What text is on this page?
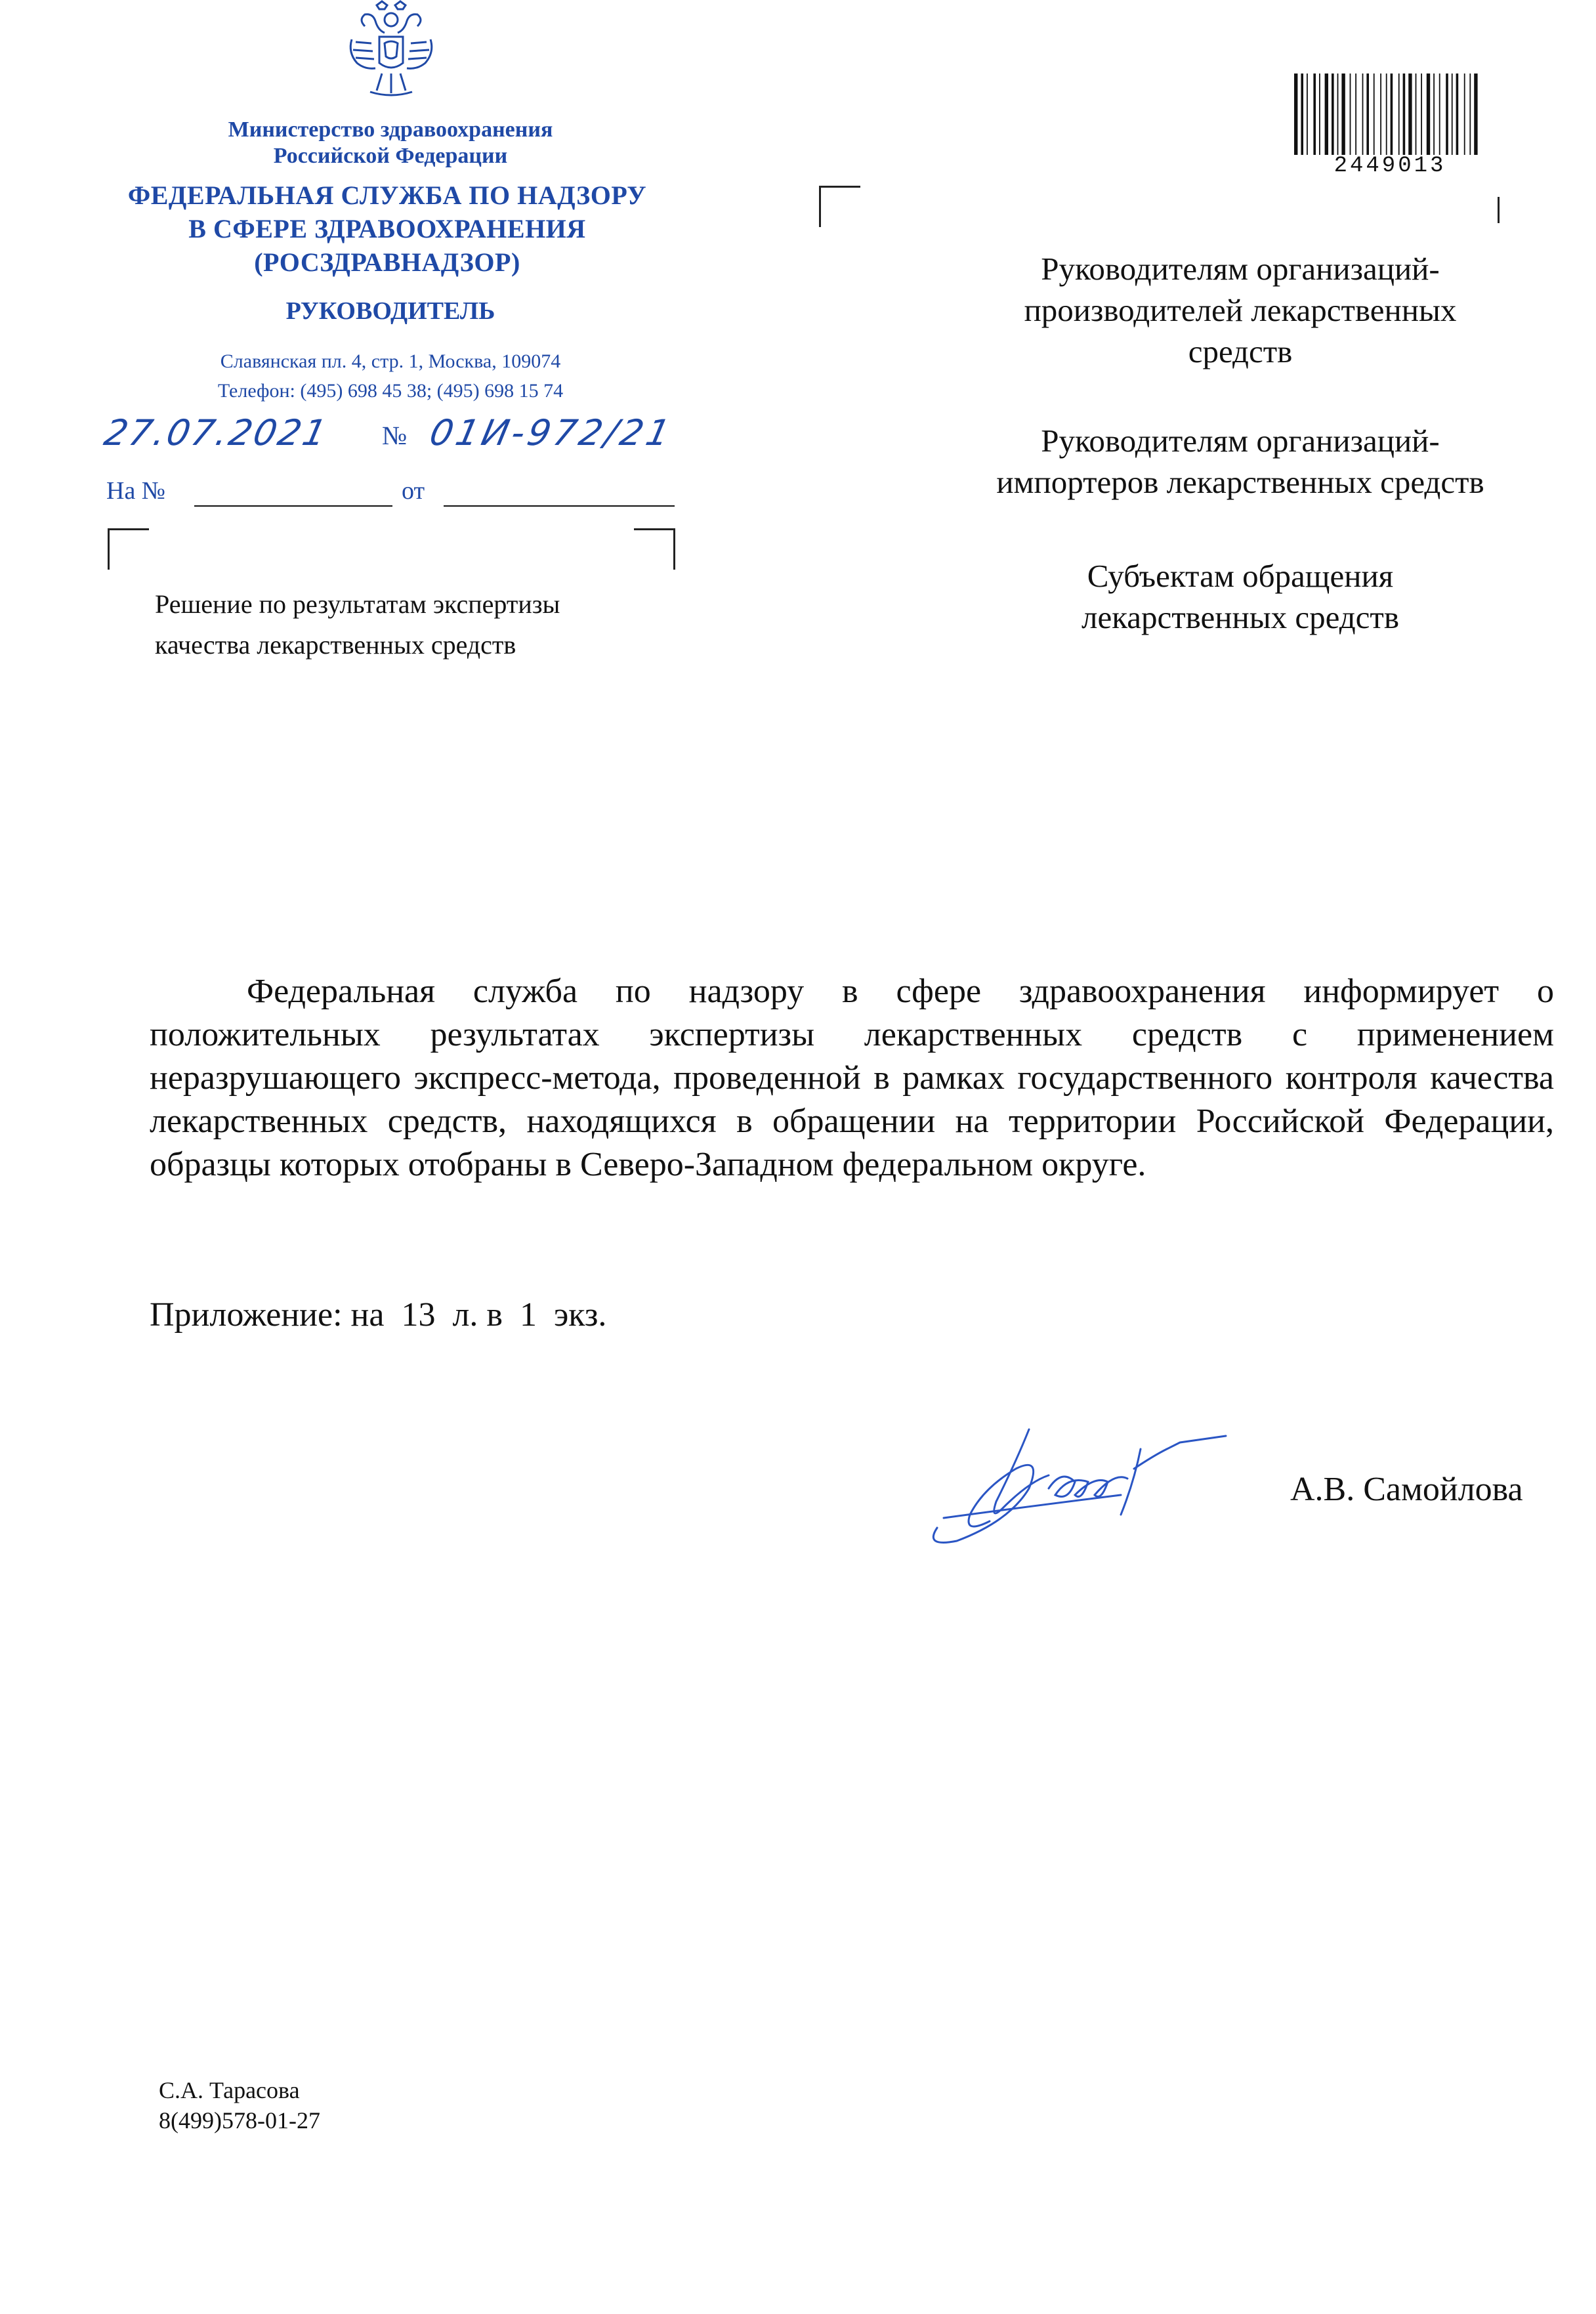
Министерство здравоохранения
Российской Федерации
ФЕДЕРАЛЬНАЯ СЛУЖБА ПО НАДЗОРУ
В СФЕРЕ ЗДРАВООХРАНЕНИЯ
(РОСЗДРАВНАДЗОР)
РУКОВОДИТЕЛЬ
Славянская пл. 4, стр. 1, Москва, 109074
Телефон: (495) 698 45 38; (495) 698 15 74
27.07.2021 № 01И-972/21
На №	от
Решение по результатам экспертизы
качества лекарственных средств
2449013
Руководителям организаций-
производителей лекарственных
средств
Руководителям организаций-
импортеров лекарственных средств
Субъектам обращения
лекарственных средств
Федеральная служба по надзору в сфере здравоохранения информирует о положительных результатах экспертизы лекарственных средств с применением неразрушающего экспресс-метода, проведенной в рамках государственного контроля качества лекарственных средств, находящихся в обращении на территории Российской Федерации, образцы которых отобраны в Северо-Западном федеральном округе.
Приложение: на  13  л. в  1  экз.
А.В. Самойлова
С.А. Тарасова
8(499)578-01-27
